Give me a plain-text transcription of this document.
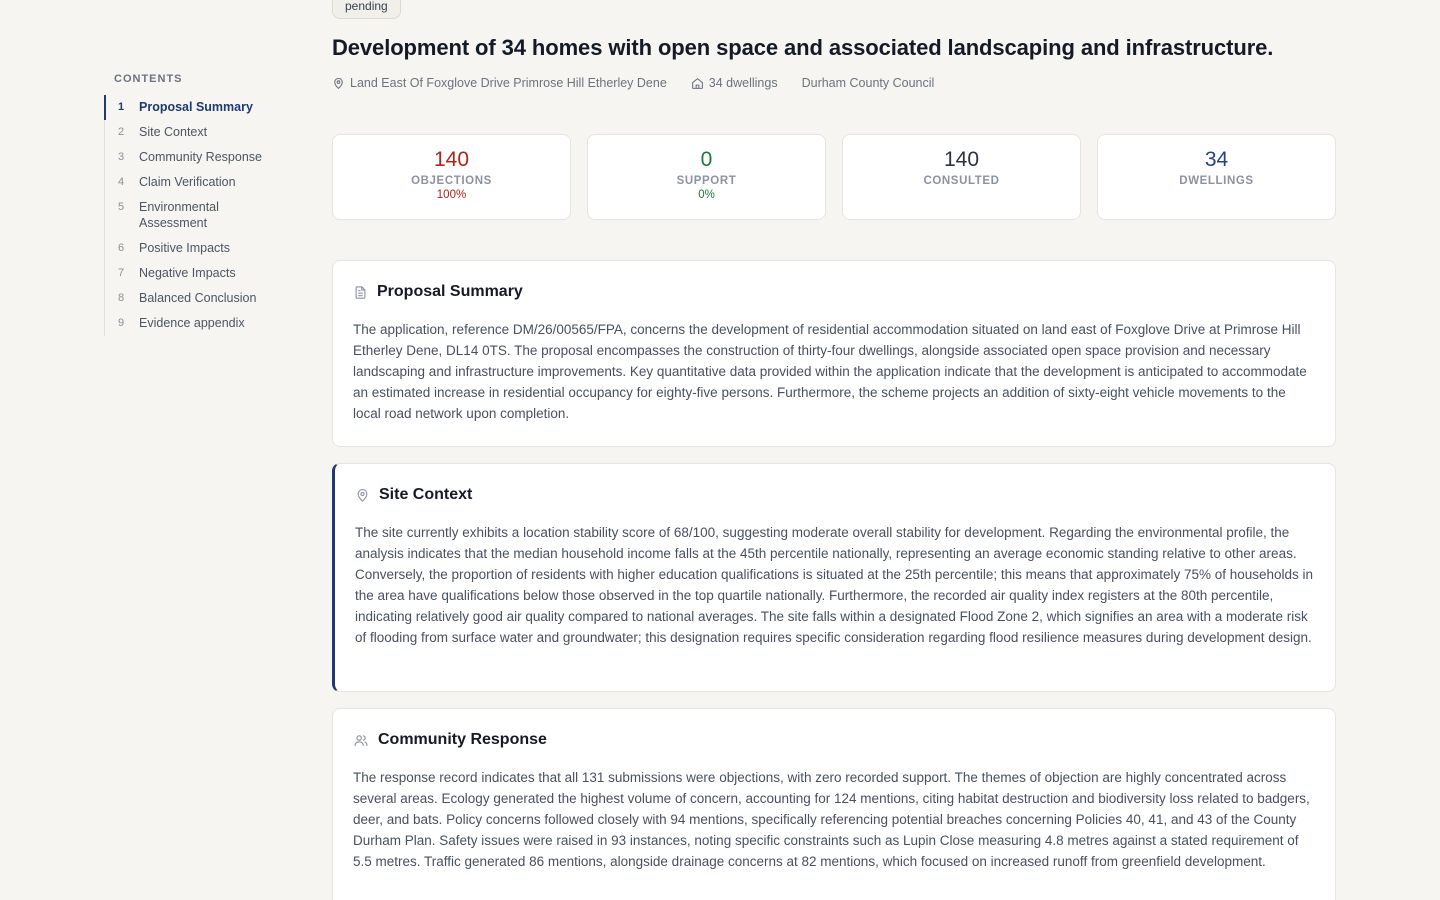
CONTENTS
1	Proposal Summary
2	Site Context
3	Community Response
4	Claim Verification
5	Environmental Assessment
6	Positive Impacts
7	Negative Impacts
8	Balanced Conclusion
9	Evidence appendix
pending
Development of 34 homes with open space and associated landscaping and infrastructure.
Land East Of Foxglove Drive Primrose Hill Etherley Dene	34 dwellings Durham County Council
140
OBJECTIONS
100%
0
SUPPORT
0%
140
CONSULTED
34
DWELLINGS
Proposal Summary

The application, reference DM/26/00565/FPA, concerns the development of residential accommodation situated on land east of Foxglove Drive at Primrose Hill Etherley Dene, DL14 0TS. The proposal encompasses the construction of thirty-four dwellings, alongside associated open space provision and necessary landscaping and infrastructure improvements. Key quantitative data provided within the application indicate that the development is anticipated to accommodate an estimated increase in residential occupancy for eighty-five persons. Furthermore, the scheme projects an addition of sixty-eight vehicle movements to the local road network upon completion.

Site Context

The site currently exhibits a location stability score of 68/100, suggesting moderate overall stability for development. Regarding the environmental profile, the analysis indicates that the median household income falls at the 45th percentile nationally, representing an average economic standing relative to other areas. Conversely, the proportion of residents with higher education qualifications is situated at the 25th percentile; this means that approximately 75% of households in the area have qualifications below those observed in the top quartile nationally. Furthermore, the recorded air quality index registers at the 80th percentile, indicating relatively good air quality compared to national averages. The site falls within a designated Flood Zone 2, which signifies an area with a moderate risk of flooding from surface water and groundwater; this designation requires specific consideration regarding flood resilience measures during development design.

Community Response

The response record indicates that all 131 submissions were objections, with zero recorded support. The themes of objection are highly concentrated across several areas. Ecology generated the highest volume of concern, accounting for 124 mentions, citing habitat destruction and biodiversity loss related to badgers, deer, and bats. Policy concerns followed closely with 94 mentions, specifically referencing potential breaches concerning Policies 40, 41, and 43 of the County Durham Plan. Safety issues were raised in 93 instances, noting specific constraints such as Lupin Close measuring 4.8 metres against a stated requirement of 5.5 metres. Traffic generated 86 mentions, alongside drainage concerns at 82 mentions, which focused on increased runoff from greenfield development.
